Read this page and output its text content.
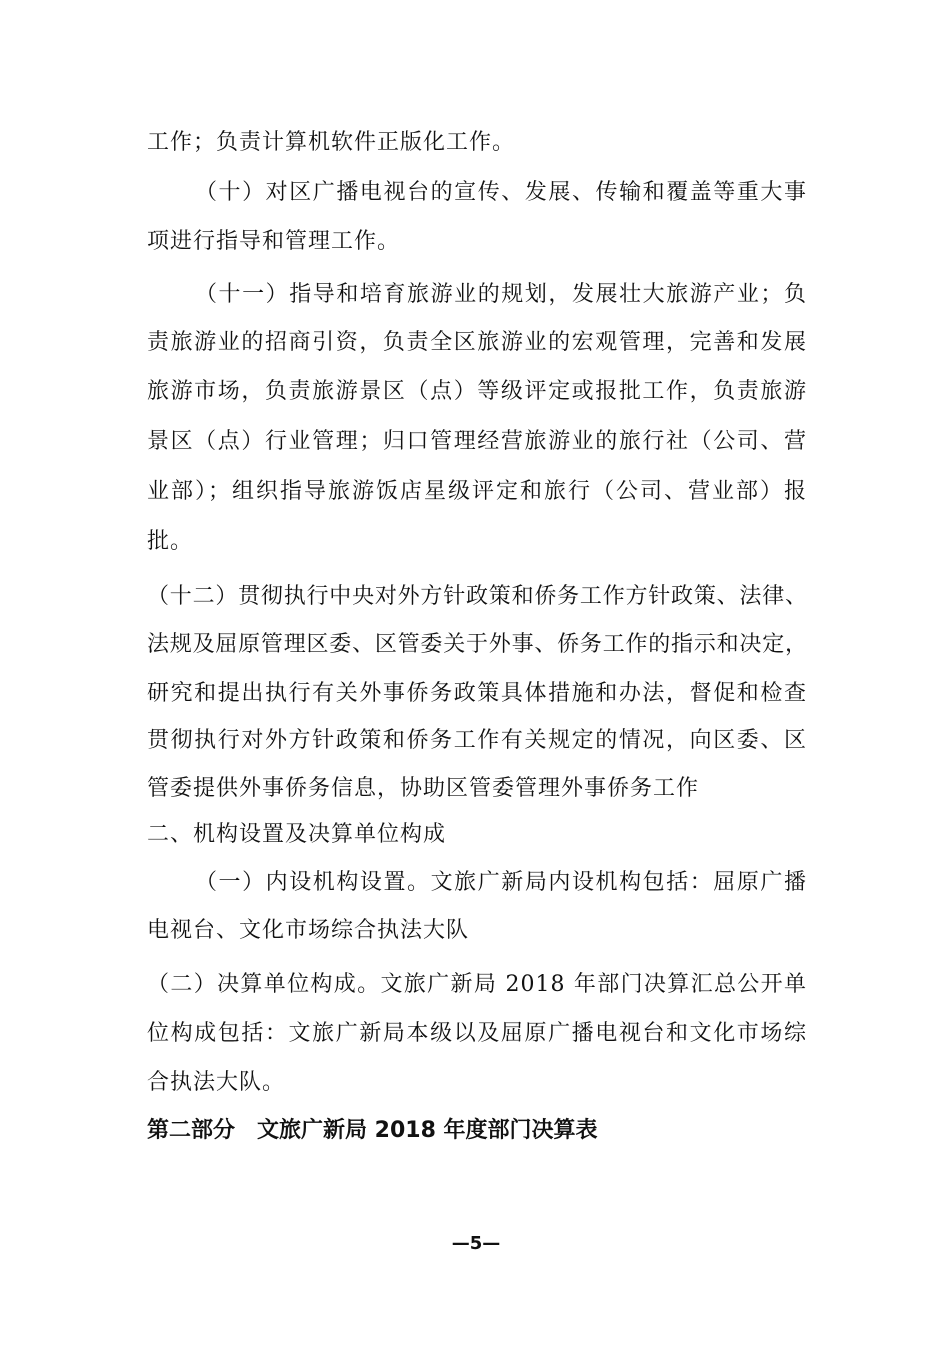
工作；负责计算机软件正版化工作。
（十）对区广播电视台的宣传、发展、传输和覆盖等重大事
项进行指导和管理工作。
（十一）指导和培育旅游业的规划，发展壮大旅游产业；负
责旅游业的招商引资，负责全区旅游业的宏观管理，完善和发展
旅游市场，负责旅游景区（点）等级评定或报批工作，负责旅游
景区（点）行业管理；归口管理经营旅游业的旅行社（公司、营
业部）；组织指导旅游饭店星级评定和旅行（公司、营业部）报
批。
（十二）贯彻执行中央对外方针政策和侨务工作方针政策、法律、
法规及屈原管理区委、区管委关于外事、侨务工作的指示和决定，
研究和提出执行有关外事侨务政策具体措施和办法，督促和检查
贯彻执行对外方针政策和侨务工作有关规定的情况，向区委、区
管委提供外事侨务信息，协助区管委管理外事侨务工作
二、机构设置及决算单位构成
（一）内设机构设置。文旅广新局内设机构包括：屈原广播
电视台、文化市场综合执法大队
（二）决算单位构成。文旅广新局 2018 年部门决算汇总公开单
位构成包括：文旅广新局本级以及屈原广播电视台和文化市场综
合执法大队。
第二部分　文旅广新局 2018 年度部门决算表
—5—
